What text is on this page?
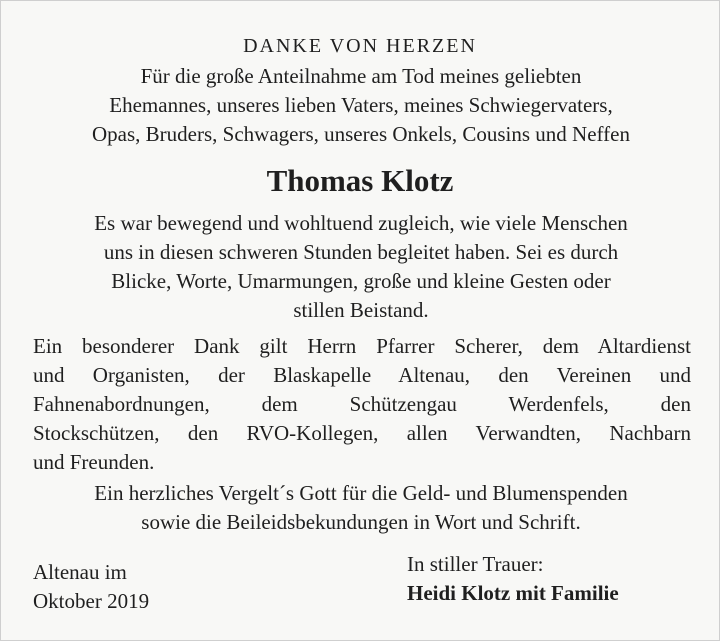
DANKE VON HERZEN
Für die große Anteilnahme am Tod meines geliebten
Ehemannes, unseres lieben Vaters, meines Schwiegervaters,
Opas, Bruders, Schwagers, unseres Onkels, Cousins und Neffen
Thomas Klotz
Es war bewegend und wohltuend zugleich, wie viele Menschen
uns in diesen schweren Stunden begleitet haben. Sei es durch
Blicke, Worte, Umarmungen, große und kleine Gesten oder
stillen Beistand.
Ein besonderer Dank gilt Herrn Pfarrer Scherer, dem Altardienst
und Organisten, der Blaskapelle Altenau, den Vereinen und
Fahnenabordnungen, dem Schützengau Werdenfels, den
Stockschützen, den RVO-Kollegen, allen Verwandten, Nachbarn
und Freunden.
Ein herzliches Vergelt´s Gott für die Geld- und Blumenspenden
sowie die Beileidsbekundungen in Wort und Schrift.
Altenau im
Oktober 2019
In stiller Trauer:
Heidi Klotz mit Familie
